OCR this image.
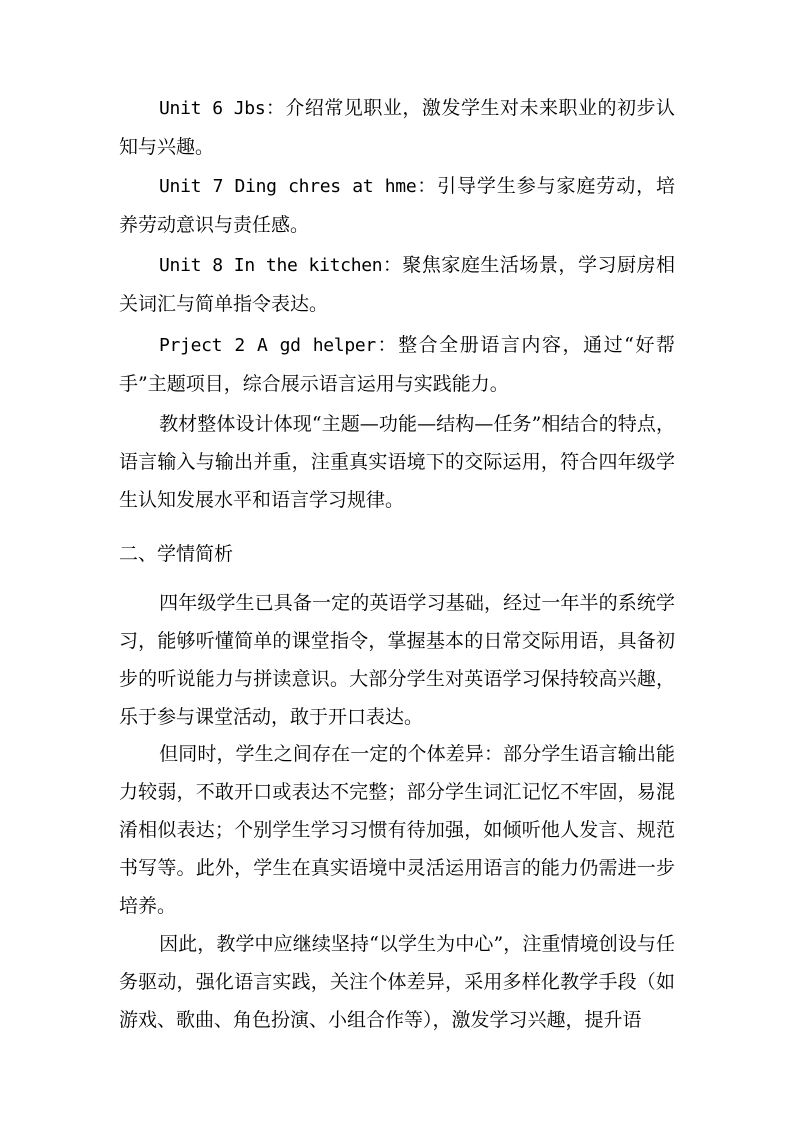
Unit 6 Jbs：介绍常见职业，激发学生对未来职业的初步认知与兴趣。

Unit 7 Ding chres at hme：引导学生参与家庭劳动，培养劳动意识与责任感。

Unit 8 In the kitchen：聚焦家庭生活场景，学习厨房相关词汇与简单指令表达。

Prject 2 A gd helper：整合全册语言内容，通过“好帮手”主题项目，综合展示语言运用与实践能力。

教材整体设计体现“主题—功能—结构—任务”相结合的特点，语言输入与输出并重，注重真实语境下的交际运用，符合四年级学生认知发展水平和语言学习规律。

二、学情简析

四年级学生已具备一定的英语学习基础，经过一年半的系统学习，能够听懂简单的课堂指令，掌握基本的日常交际用语，具备初步的听说能力与拼读意识。大部分学生对英语学习保持较高兴趣，乐于参与课堂活动，敢于开口表达。

但同时，学生之间存在一定的个体差异：部分学生语言输出能力较弱，不敢开口或表达不完整；部分学生词汇记忆不牢固，易混淆相似表达；个别学生学习习惯有待加强，如倾听他人发言、规范书写等。此外，学生在真实语境中灵活运用语言的能力仍需进一步培养。

因此，教学中应继续坚持“以学生为中心”，注重情境创设与任务驱动，强化语言实践，关注个体差异，采用多样化教学手段（如游戏、歌曲、角色扮演、小组合作等），激发学习兴趣，提升语
